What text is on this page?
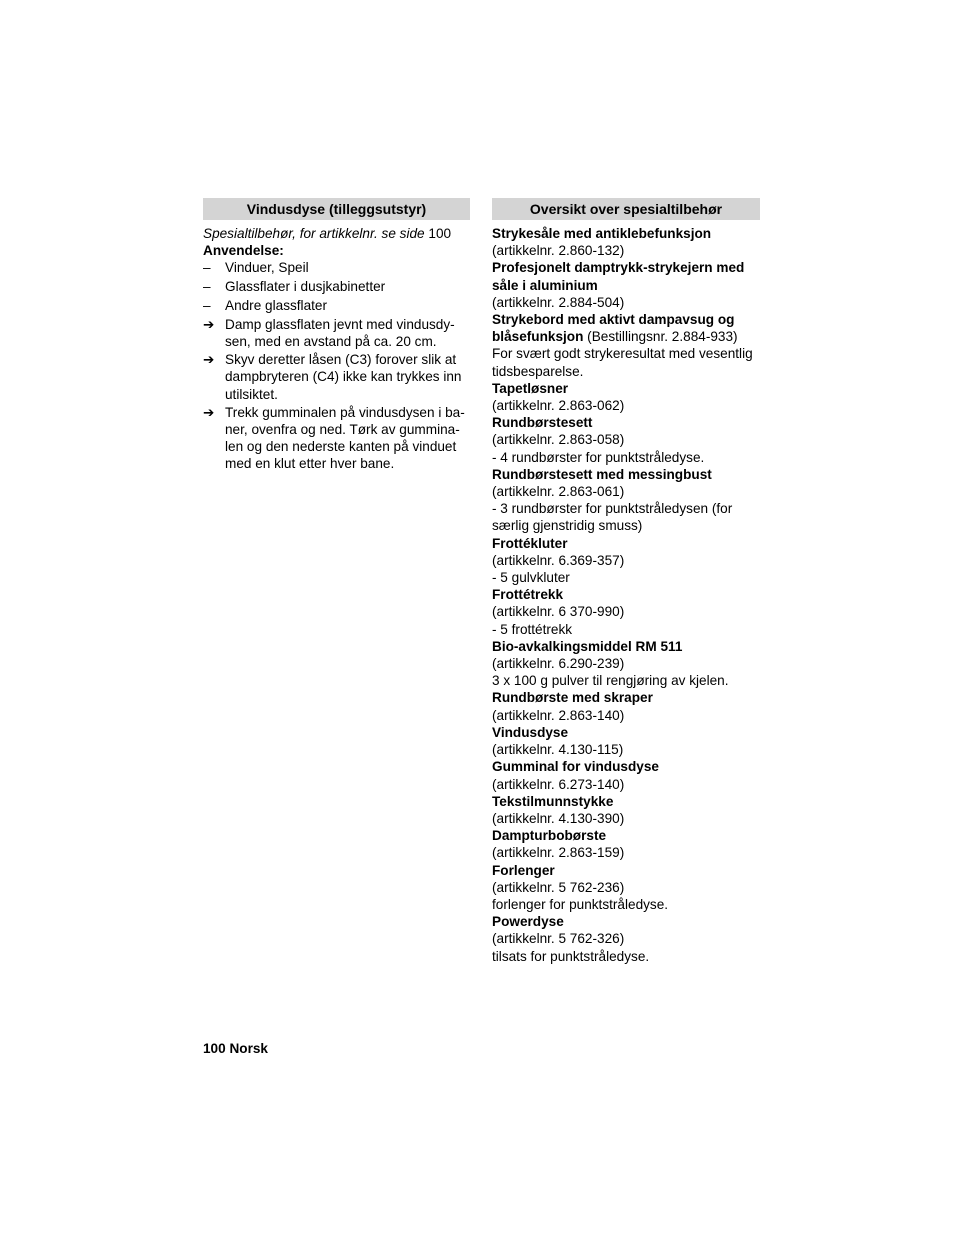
Vindusdyse (tilleggsutstyr)

Spesialtilbehør, for artikkelnr. se side 100

Anvendelse:

– Vinduer, Speil
– Glassflater i dusjkabinetter
– Andre glassflater
➔ Damp glassflaten jevnt med vindusdy-sen, med en avstand på ca. 20 cm.
➔ Skyv deretter låsen (C3) forover slik at dampbryteren (C4) ikke kan trykkes inn utilsiktet.
➔ Trekk gumminalen på vindusdysen i ba-ner, ovenfra og ned. Tørk av gummina-len og den nederste kanten på vinduet med en klut etter hver bane.
Oversikt over spesialtilbehør

Strykesåle med antiklebefunksjon

(artikkelnr. 2.860-132)

Profesjonelt damptrykk-strykejern med såle i aluminium

(artikkelnr. 2.884-504)

Strykebord med aktivt dampavsug og blåsefunksjon (Bestillingsnr. 2.884-933)

For svært godt strykeresultat med vesentlig tidsbesparelse.

Tapetløsner

(artikkelnr. 2.863-062)

Rundbørstesett

(artikkelnr. 2.863-058)

- 4 rundbørster for punktstråledyse.

Rundbørstesett med messingbust

(artikkelnr. 2.863-061)

- 3 rundbørster for punktstråledysen (for særlig gjenstridig smuss)

Frottékluter

(artikkelnr. 6.369-357)

- 5 gulvkluter

Frottétrekk

(artikkelnr. 6 370-990)

- 5 frottétrekk

Bio-avkalkingsmiddel RM 511

(artikkelnr. 6.290-239)

3 x 100 g pulver til rengjøring av kjelen.

Rundbørste med skraper

(artikkelnr. 2.863-140)

Vindusdyse

(artikkelnr. 4.130-115)

Gumminal for vindusdyse

(artikkelnr. 6.273-140)

Tekstilmunnstykke

(artikkelnr. 4.130-390)

Dampturbobørste

(artikkelnr. 2.863-159)

Forlenger

(artikkelnr. 5 762-236)

forlenger for punktstråledyse.

Powerdyse

(artikkelnr. 5 762-326)

tilsats for punktstråledyse.

100 Norsk
